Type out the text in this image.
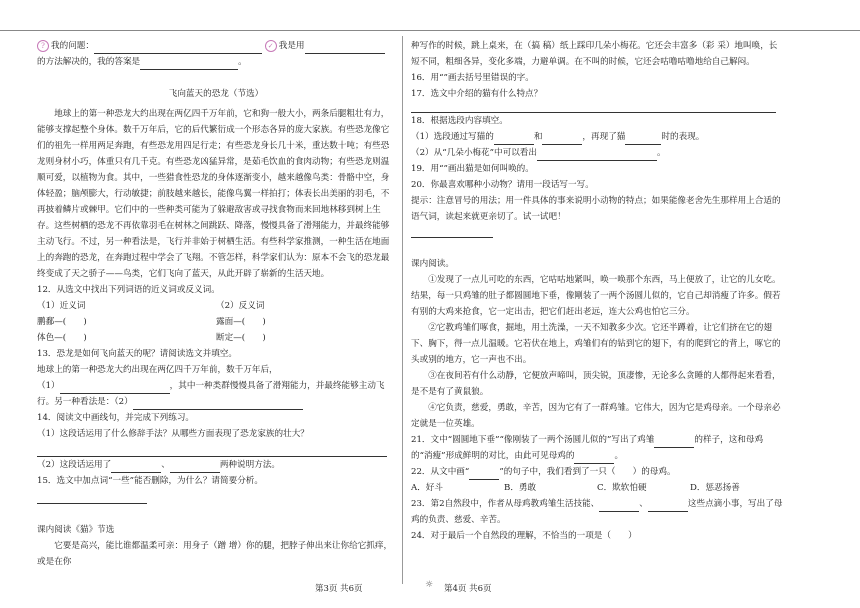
? 我的问题：	✓ 我是用

的方法解决的，我的答案是	。

飞向蓝天的恐龙（节选）

地球上的第一种恐龙大约出现在两亿四千万年前，它和狗一般大小，两条后腿粗壮有力，能够支撑起整个身体。数千万年后，它的后代繁衍成一个形态各异的庞大家族。有些恐龙像它们的祖先一样用两足奔跑，有些恐龙用四足行走；有些恐龙身长几十米，重达数十吨；有些恐龙则身材小巧，体重只有几千克。有些恐龙凶猛异常，是茹毛饮血的食肉动物；有些恐龙则温顺可爱，以植物为食。其中，一些猎食性恐龙的身体逐渐变小，越来越像鸟类：骨骼中空，身体轻盈；脑颅膨大，行动敏捷；前肢越来越长，能像鸟翼一样拍打；体表长出美丽的羽毛，不再披着鳞片或棘甲。它们中的一些种类可能为了躲避敌害或寻找食物而来回地林移到树上生存。这些树栖的恐龙不再依靠羽毛在树林之间跳跃、降落，慢慢具备了滑翔能力，并最终能够主动飞行。不过，另一种看法是，飞行并非始于树栖生活。有些科学家推测，一种生活在地面上的奔跑的恐龙，在奔跑过程中学会了飞翔。不管怎样，科学家们认为：原本不会飞的恐龙最终变成了天之骄子——鸟类，它们飞向了蓝天，从此开辟了崭新的生活天地。

12．从选文中找出下列词语的近义词或反义词。

（1）近义词	（2）反义词
鹏鄱—(　　)	露面—(　　)
体色—(　　)	断定—(　　)

13．恐龙是如何飞向蓝天的呢？请阅读选文并填空。

地球上的第一种恐龙大约出现在两亿四千万年前，数千万年后，

（1）	，其中一种类群慢慢具备了滑翔能力，并最终能够主动飞

行。另一种看法是：（2）

14．阅读文中画线句，并完成下列练习。

（1）这段话运用了什么修辞手法？从哪些方面表现了恐龙家族的壮大？

（2）这段话运用了	、	两种说明方法。

15．选文中加点词“一些”能否删除，为什么？请简要分析。

课内阅读《猫》节选

它要是高兴，能比谁都温柔可亲：用身子（蹭 增）你的腿，把脖子伸出来让你给它抓痒，或是在你

种写作的时候，跳上桌来，在（搞 稿）纸上踩印几朵小梅花。它还会丰富多（彩 采）地叫唤，长短不同，粗细各异，变化多端，力避单调。在不叫的时候，它还会咕噜咕噜地给自己解闷。

16．用“”画去括号里错误的字。

17．选文中介绍的猫有什么特点？

18．根据选段内容填空。

（1）选段通过写猫的	和	，再现了猫	时的表现。

（2）从“几朵小梅花”中可以看出	。

19．用“”画出猫是如何叫唤的。

20．你最喜欢哪种小动物？请用一段话写一写。

提示：注意冒号的用法；用一件具体的事来说明小动物的特点；如果能像老舍先生那样用上合适的语气词，读起来就更亲切了。试一试吧！

课内阅读。

①发现了一点儿可吃的东西，它咕咕地紧叫，唤一唤那个东西，马上便放了，让它的儿女吃。结果，每一只鸡雏的肚子都圆圆地下垂，像剛装了一两个汤圆儿似的，它自己却消瘦了许多。假若有别的大鸡来抢食，它一定出击，把它们赶出老远，连大公鸡也怕它三分。

②它教鸡雏们啄食，掘地，用土洗澡，一天不知教多少次。它还半蹲着，让它们挤在它的翅下、胸下，得一点儿温暖。它若伏在地上，鸡雏们有的钻到它的翅下，有的爬到它的背上，啄它的头或别的地方，它一声也不出。

③在夜间若有什么动静，它便放声啼叫，顶尖锐，顶凄惨，无论多么贪睡的人都得起来看看，是不是有了黄鼠狼。

④它负责，慈爱，勇敢，辛苦，因为它有了一群鸡雏。它伟大，因为它是鸡母亲。一个母亲必定就是一位英雄。

21．文中“圆圆地下垂”“像刚装了一两个汤圆儿似的”写出了鸡雏	的样子，这和母鸡的“消瘦”形成鲜明的对比，由此可见母鸡的	。

22．从文中画“	”的句子中，我们看到了一只（　　）的母鸡。

A．好斗	B．勇敢	C．欺软怕硬	D．惩恶扬善

23．第2自然段中，作者从母鸡教鸡雏生活技能、	、	这些点滴小事，写出了母鸡的负责、慈爱、辛苦。

24．对于最后一个自然段的理解，不恰当的一项是（　　）

第3页 共6页	☼ 第4页 共6页
